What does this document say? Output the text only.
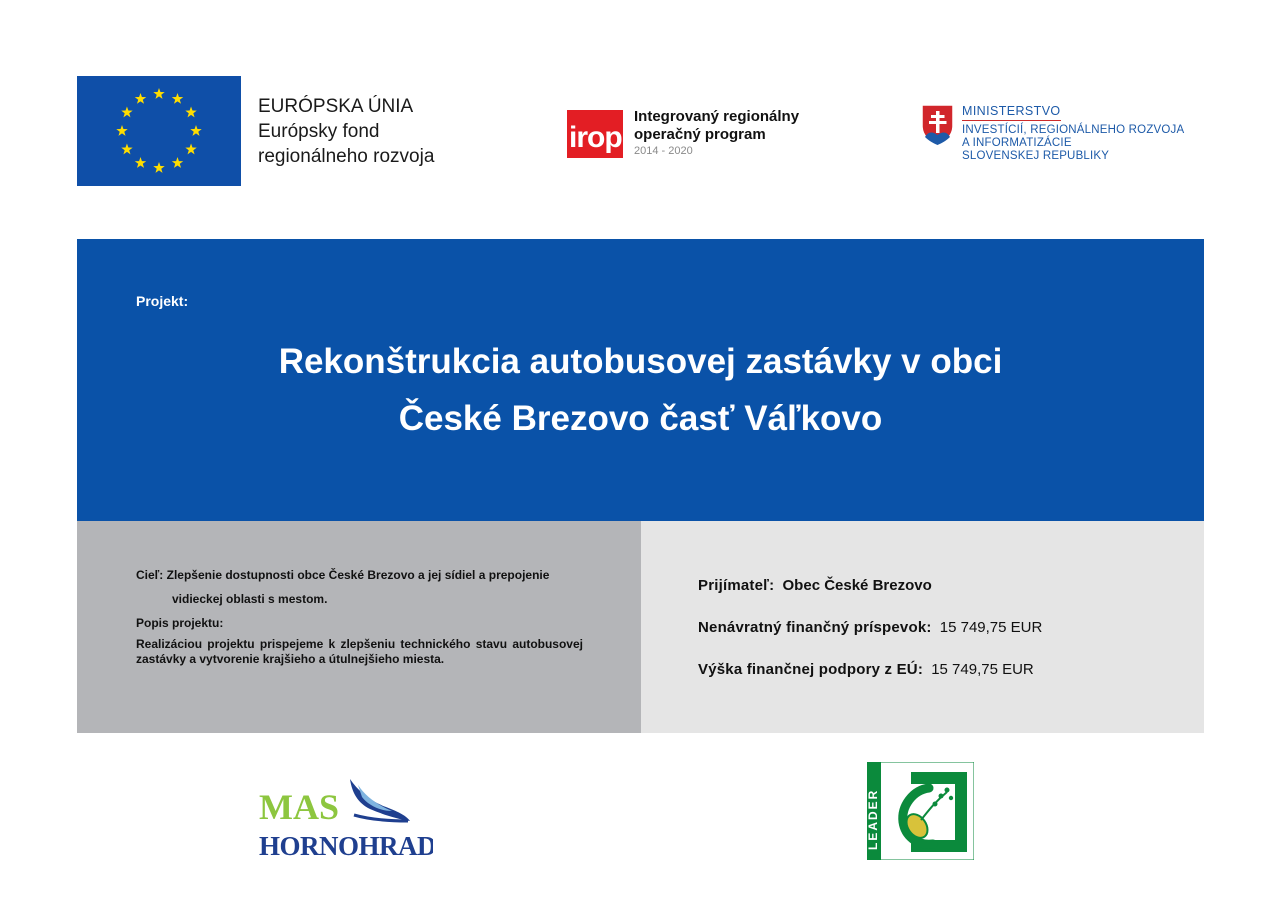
EURÓPSKA ÚNIA
Európsky fond
regionálneho rozvoja
irop
Integrovaný regionálny
operačný program
2014 - 2020
MINISTERSTVO
INVESTÍCIÍ, REGIONÁLNEHO ROZVOJA
A INFORMATIZÁCIE
SLOVENSKEJ REPUBLIKY
Projekt:
Rekonštrukcia autobusovej zastávky v obci
České Brezovo časť Váľkovo
Cieľ: Zlepšenie dostupnosti obce České Brezovo a jej sídiel a prepojenie
vidieckej oblasti s mestom.
Popis projektu:
Realizáciou projektu prispejeme k zlepšeniu technického stavu autobusovej zastávky a vytvorenie krajšieho a útulnejšieho miesta.
Prijímateľ: Obec České Brezovo
Nenávratný finančný príspevok: 15 749,75 EUR
Výška finančnej podpory z EÚ: 15 749,75 EUR
MAS
HORNOHRAD	LEADER
